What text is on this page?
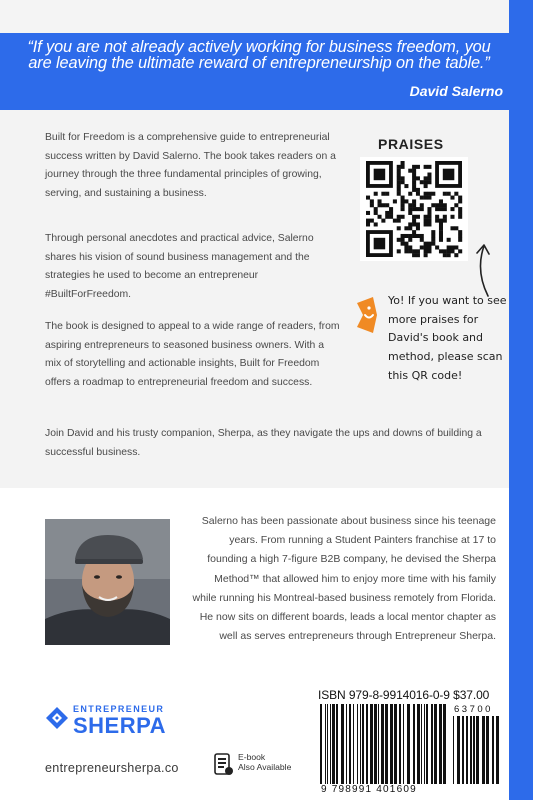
“If you are not already actively working for business freedom, you are leaving the ultimate reward of entrepreneurship on the table.”
David Salerno

Built for Freedom is a comprehensive guide to entrepreneurial success written by David Salerno. The book takes readers on a journey through the three fundamental principles of growing, serving, and sustaining a business.

Through personal anecdotes and practical advice, Salerno shares his vision of sound business management and the strategies he used to become an entrepreneur #BuiltForFreedom.

The book is designed to appeal to a wide range of readers, from aspiring entrepreneurs to seasoned business owners. With a mix of storytelling and actionable insights, Built for Freedom offers a roadmap to entrepreneurial freedom and success.

Join David and his trusty companion, Sherpa, as they navigate the ups and downs of building a successful business.

PRAISES
Yo! If you want to see more praises for David's book and method, please scan this QR code!

Salerno has been passionate about business since his teenage years. From running a Student Painters franchise at 17 to founding a high 7-figure B2B company, he devised the Sherpa Method™ that allowed him to enjoy more time with his family while running his Montreal-based business remotely from Florida. He now sits on different boards, leads a local mentor chapter as well as serves entrepreneurs through Entrepreneur Sherpa.

ENTREPRENEUR
SHERPA
entrepreneursherpa.co
E-book
Also Available
ISBN 979-8-9914016-0-9 $37.00
63700
9 798991 401609
